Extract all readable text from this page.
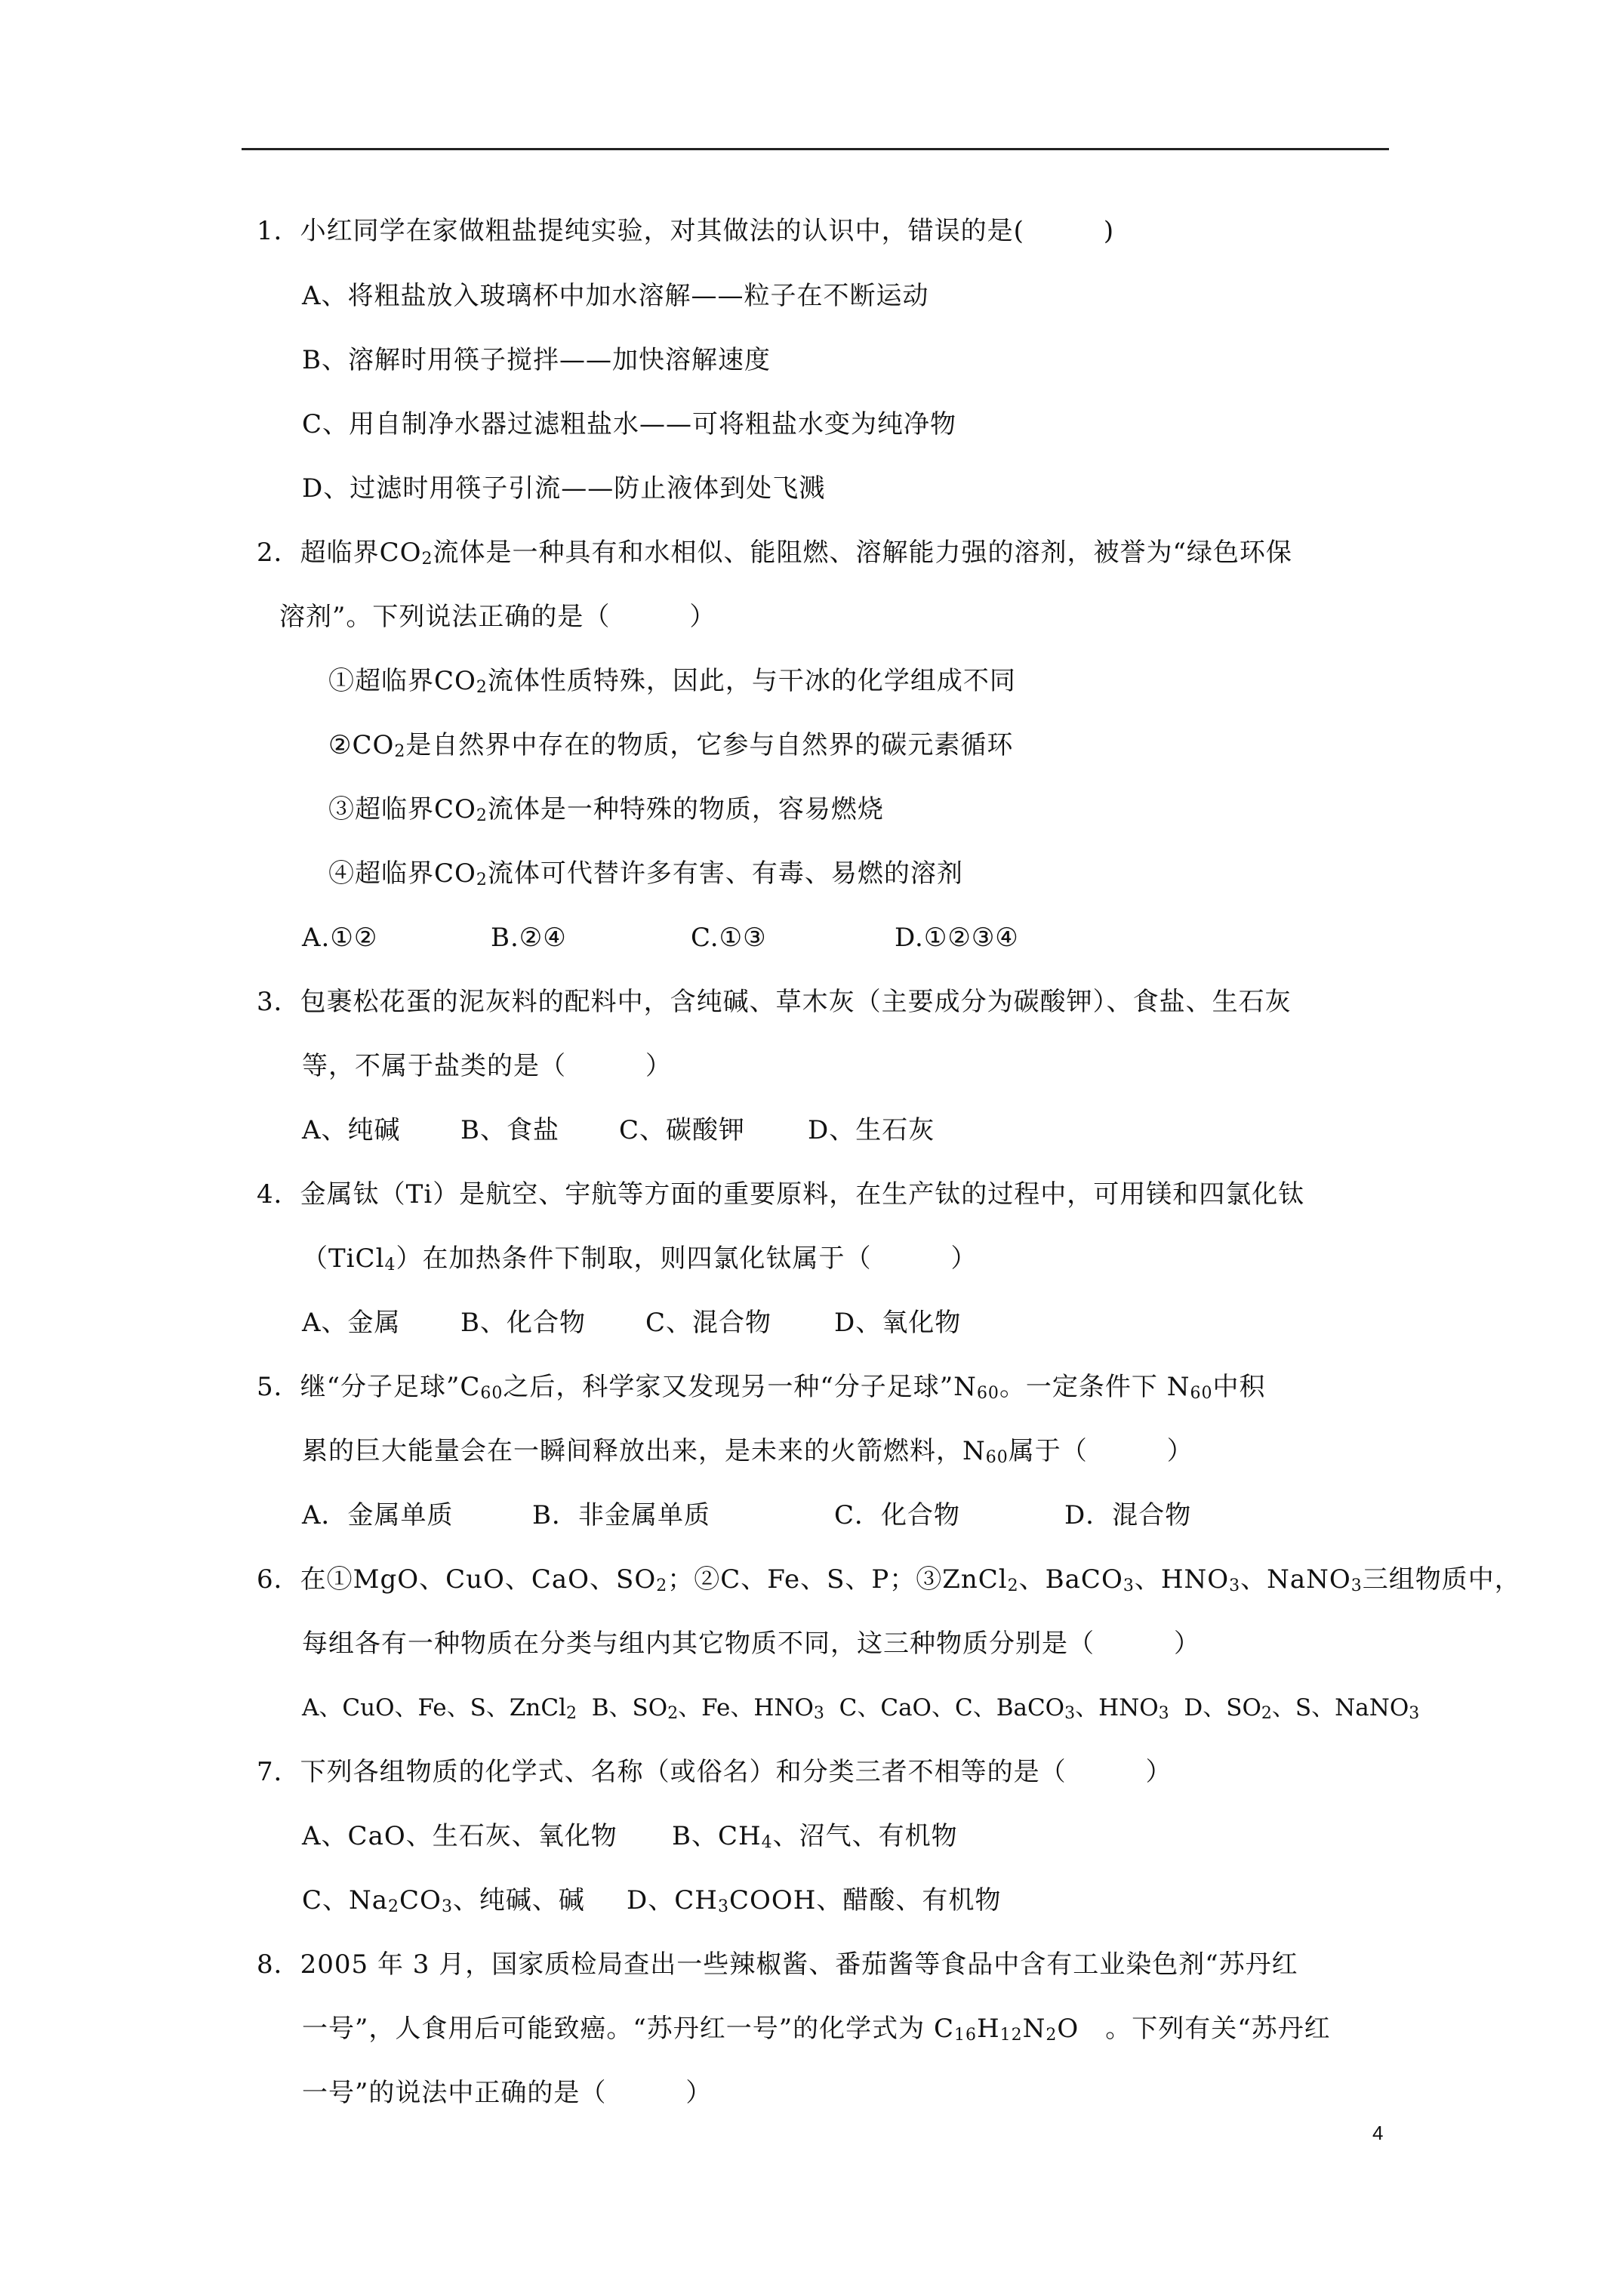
1．小红同学在家做粗盐提纯实验，对其做法的认识中，错误的是(　　　)
A、将粗盐放入玻璃杯中加水溶解——粒子在不断运动
B、溶解时用筷子搅拌——加快溶解速度
C、用自制净水器过滤粗盐水——可将粗盐水变为纯净物
D、过滤时用筷子引流——防止液体到处飞溅
2．超临界$CO_2$流体是一种具有和水相似、能阻燃、溶解能力强的溶剂，被誉为“绿色环保
溶剂”。下列说法正确的是（　　　）
①超临界$CO_2$流体性质特殊，因此，与干冰的化学组成不同
$②CO_2$是自然界中存在的物质，它参与自然界的碳元素循环
③超临界$CO_2$流体是一种特殊的物质，容易燃烧
④超临界$CO_2$流体可代替许多有害、有毒、易燃的溶剂
A.①②	B.②④	C.①③	D.①②③④
3．包裹松花蛋的泥灰料的配料中，含纯碱、草木灰（主要成分为碳酸钾）、食盐、生石灰
等，不属于盐类的是（　　　）
A、纯碱 B、食盐 C、碳酸钾 D、生石灰
4．金属钛（Ti）是航空、宇航等方面的重要原料，在生产钛的过程中，可用镁和四氯化钛
（TiCl$_4$）在加热条件下制取，则四氯化钛属于（　　　）
A、金属 B、化合物 C、混合物 D、氧化物
5．继“分子足球$”C_{60}$之后，科学家又发现另一种“分子足球$”N_{60}$。一定条件下 $N_{60}$中积
累的巨大能量会在一瞬间释放出来，是未来的火箭燃料，$N_{60}$属于（　　　）
A．金属单质	B．非金属单质	C．化合物	D．混合物
6．在①MgO、CuO、CaO、$SO_2$；②C、Fe、S、P；③ZnCl$_2$、BaCO$_3$、$HNO_3$、NaNO$_3$三组物质中，
每组各有一种物质在分类与组内其它物质不同，这三种物质分别是（　　　）
A、CuO、Fe、S、ZnCl$_2$ B、$SO_2$、Fe、$HNO_3$ C、CaO、C、BaCO$_3$、$HNO_3$ D、$SO_2$、S、NaNO$_3$
7．下列各组物质的化学式、名称（或俗名）和分类三者不相等的是（　　　）
A、CaO、生石灰、氧化物 B、$CH_4$、沼气、有机物
C、$Na_2CO_3$、纯碱、碱 D、$CH_3COOH$、醋酸、有机物
8．2005 年 3 月，国家质检局查出一些辣椒酱、番茄酱等食品中含有工业染色剂“苏丹红
一号”，人食用后可能致癌。“苏丹红一号”的化学式为 $C_{16}H_{12}N_2O$　。下列有关“苏丹红
一号”的说法中正确的是（　　　）
4
